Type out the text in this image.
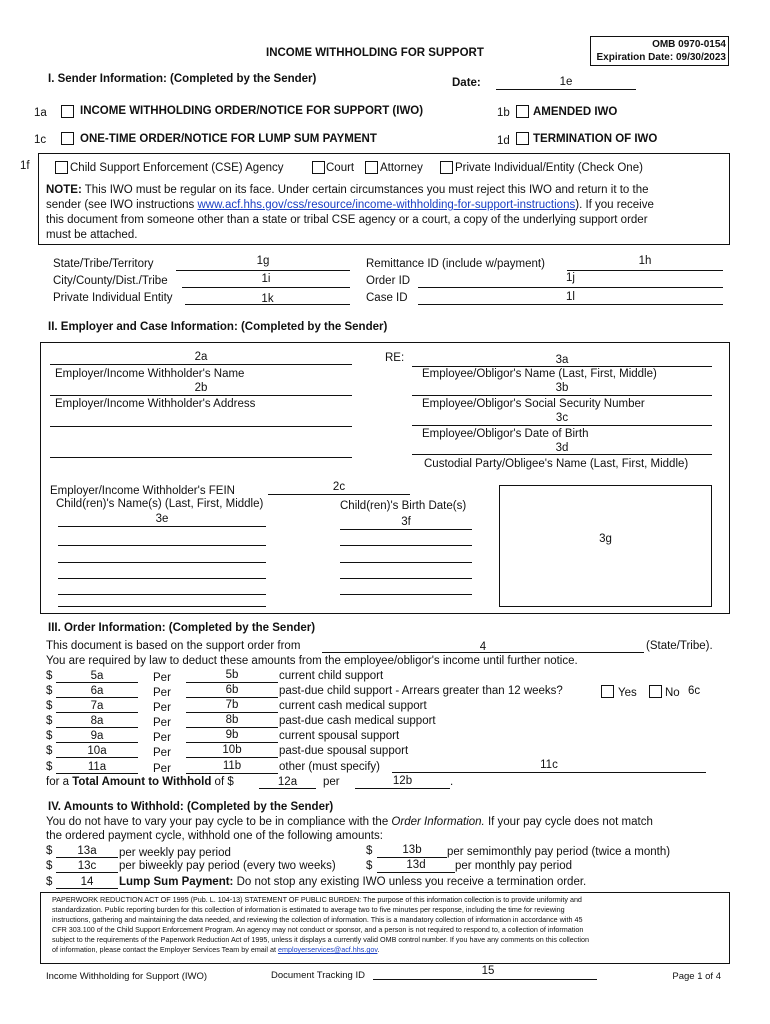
OMB 0970-0154
Expiration Date: 09/30/2023
INCOME WITHHOLDING FOR SUPPORT
I. Sender Information: (Completed by the Sender)	Date:	1e
1a	INCOME WITHHOLDING ORDER/NOTICE FOR SUPPORT (IWO)	1b AMENDED IWO
1c	ONE-TIME ORDER/NOTICE FOR LUMP SUM PAYMENT	1d TERMINATION OF IWO
1f	Child Support Enforcement (CSE) Agency	Court Attorney	Private Individual/Entity (Check One)
NOTE: This IWO must be regular on its face. Under certain circumstances you must reject this IWO and return it to the
sender (see IWO instructions www.acf.hhs.gov/css/resource/income-withholding-for-support-instructions). If you receive
this document from someone other than a state or tribal CSE agency or a court, a copy of the underlying support order
must be attached.
State/Tribe/Territory	1g
City/County/Dist./Tribe	1i
Private Individual Entity	1k
Remittance ID (include w/payment)	1h
Order ID	1j
Case ID	1l
II. Employer and Case Information: (Completed by the Sender)
2a
Employer/Income Withholder's Name
2b
Employer/Income Withholder's Address
RE:	3a
Employee/Obligor's Name (Last, First, Middle)
3b
Employee/Obligor's Social Security Number
3c
Employee/Obligor's Date of Birth
3d
Custodial Party/Obligee's Name (Last, First, Middle)
Employer/Income Withholder's FEIN	2c
Child(ren)'s Name(s) (Last, First, Middle)
3e
Child(ren)'s Birth Date(s)
3f
3g
III. Order Information: (Completed by the Sender)
This document is based on the support order from	4	(State/Tribe).
You are required by law to deduct these amounts from the employee/obligor's income until further notice.
$	5a	Per	5b	current child support
$	6a	Per	6b	past-due child support - Arrears greater than 12 weeks?
$	7a	Per	7b	current cash medical support
$	8a	Per	8b	past-due cash medical support
$	9a	Per	9b	current spousal support
$	10a	Per	10b	past-due spousal support
$	11a	Per	11b	other (must specify)
Yes No 6c
11c
for a Total Amount to Withhold of $	12a	per	12b	.
IV. Amounts to Withhold: (Completed by the Sender)
You do not have to vary your pay cycle to be in compliance with the Order Information. If your pay cycle does not match
the ordered payment cycle, withhold one of the following amounts:
$	13a	per weekly pay period	$	13b	per semimonthly pay period (twice a month)
$	13c	per biweekly pay period (every two weeks)	$	13d	per monthly pay period
$	14	Lump Sum Payment: Do not stop any existing IWO unless you receive a termination order.
PAPERWORK REDUCTION ACT OF 1995 (Pub. L. 104-13) STATEMENT OF PUBLIC BURDEN: The purpose of this information collection is to provide uniformity and
standardization. Public reporting burden for this collection of information is estimated to average two to five minutes per response, including the time for reviewing
instructions, gathering and maintaining the data needed, and reviewing the collection of information. This is a mandatory collection of information in accordance with 45
CFR 303.100 of the Child Support Enforcement Program. An agency may not conduct or sponsor, and a person is not required to respond to, a collection of information
subject to the requirements of the Paperwork Reduction Act of 1995, unless it displays a currently valid OMB control number. If you have any comments on this collection
of information, please contact the Employer Services Team by email at employerservices@acf.hhs.gov.
Income Withholding for Support (IWO)	Document Tracking ID	15	Page 1 of 4
